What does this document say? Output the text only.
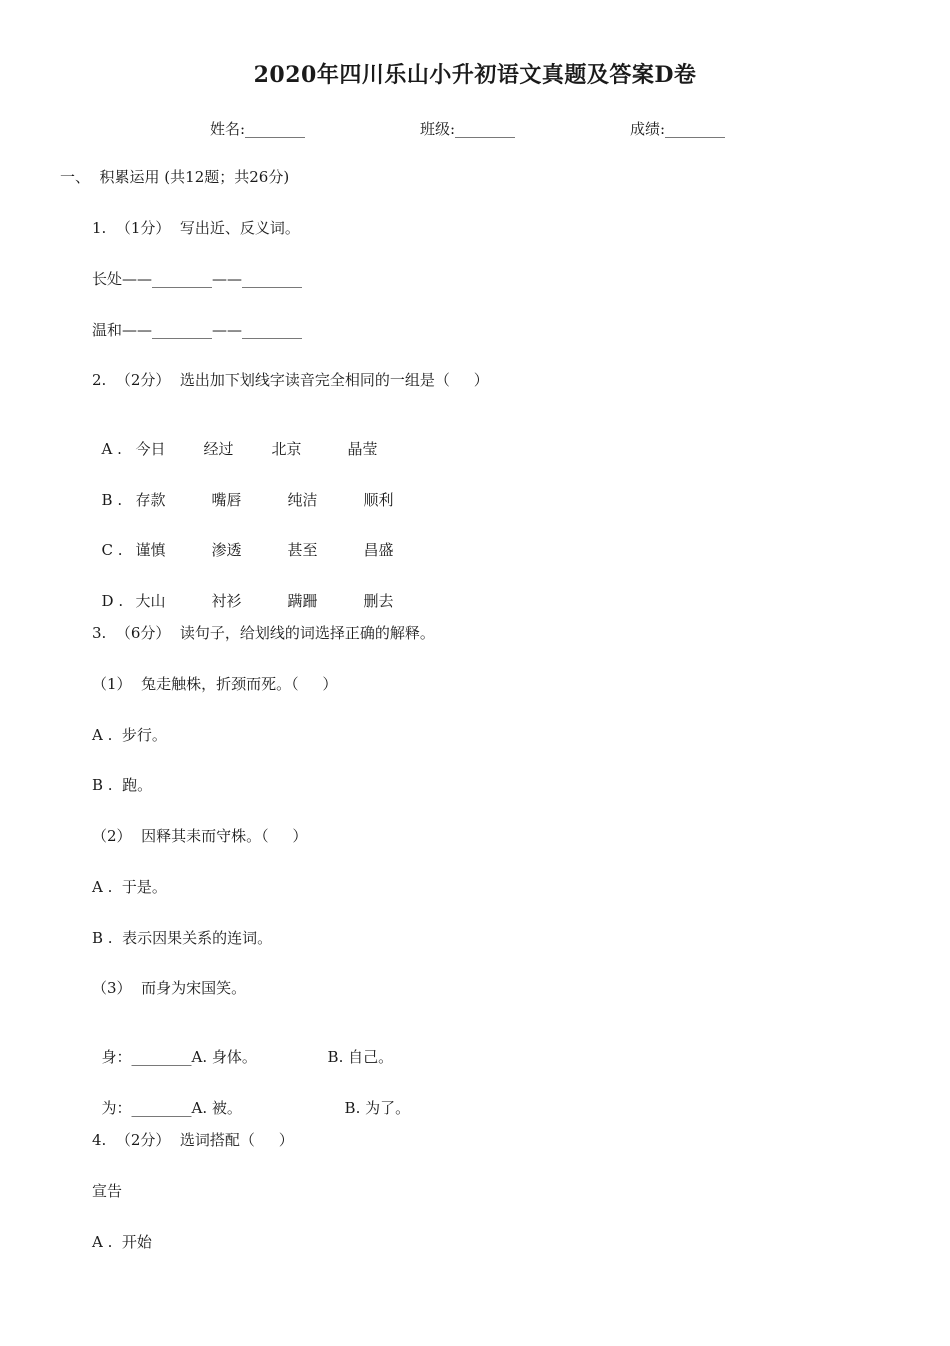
2020年四川乐山小升初语文真题及答案D卷
姓名:________	班级:________	成绩:________
一、  积累运用 (共12题；共26分)
1.  （1分）  写出近、反义词。
长处——________——________
温和——________——________
2.  （2分）  选出加下划线字读音完全相同的一组是（     ）

A . 今日	经过	北京	晶莹

B . 存款	嘴唇	纯洁	顺利

C . 谨慎	渗透	甚至	昌盛

D . 大山	衬衫	蹒跚	删去

3.  （6分）  读句子，给划线的词选择正确的解释。
（1）  兔走触株，折颈而死。（     ）
A .  步行。
B .  跑。
（2）  因释其耒而守株。（     ）
A .  于是。
B .  表示因果关系的连词。
（3）  而身为宋国笑。

身：________A. 身体。	B. 自己。

为：________A. 被。	B. 为了。

4.  （2分）  选词搭配（     ）
宣告
A .  开始
